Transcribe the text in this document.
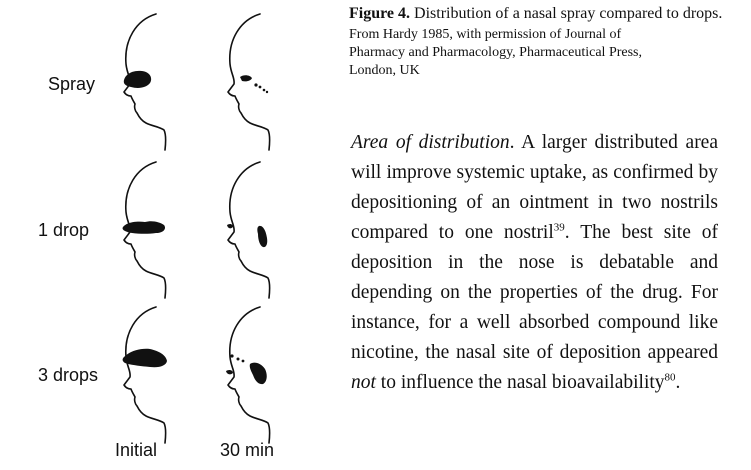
Spray
1 drop
3 drops
Initial	30 min
Figure 4. Distribution of a nasal spray compared to drops.
From Hardy 1985, with permission of Journal of
Pharmacy and Pharmacology, Pharmaceutical Press,
London, UK
Area of distribution. A larger distributed area will improve systemic uptake, as confirmed by depositioning of an ointment in two nostrils compared to one nostril$^{39}$. The best site of deposition in the nose is debatable and depending on the properties of the drug. For instance, for a well absorbed compound like nicotine, the nasal site of deposition appeared not to influence the nasal bioavailability$^{80}$.
